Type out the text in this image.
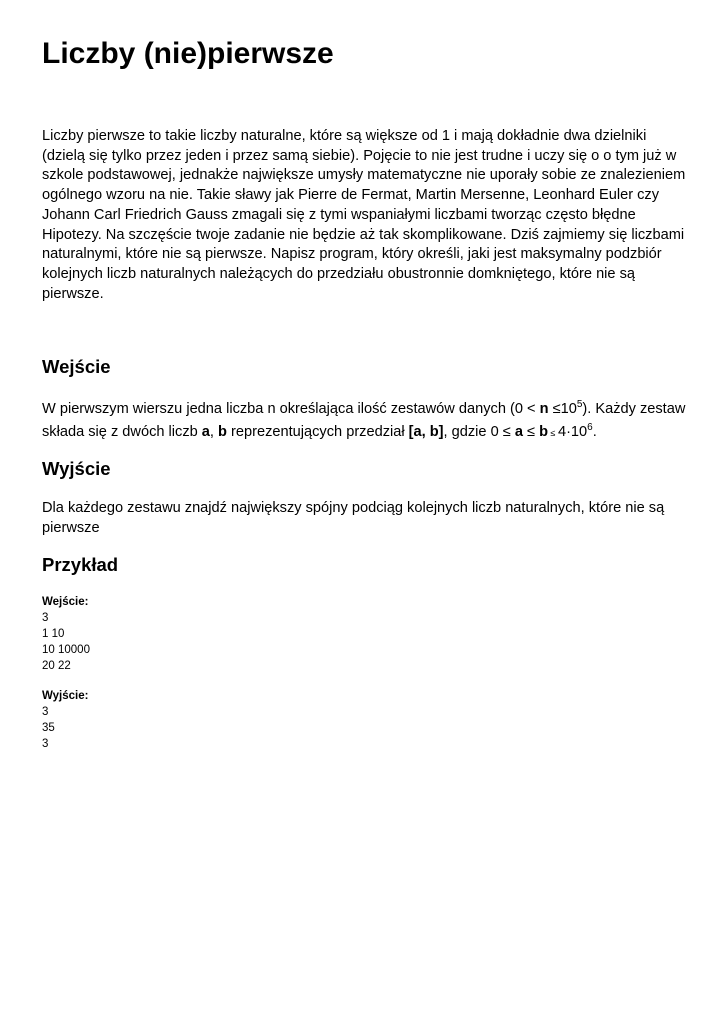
Liczby (nie)pierwsze

Liczby pierwsze to takie liczby naturalne, które są większe od 1 i mają dokładnie dwa dzielniki (dzielą się tylko przez jeden i przez samą siebie). Pojęcie to nie jest trudne i uczy się o o tym już w szkole podstawowej, jednakże największe umysły matematyczne nie uporały sobie ze znalezieniem ogólnego wzoru na nie. Takie sławy jak Pierre de Fermat, Martin Mersenne, Leonhard Euler czy Johann Carl Friedrich Gauss zmagali się z tymi wspaniałymi liczbami tworząc często błędne Hipotezy. Na szczęście twoje zadanie nie będzie aż tak skomplikowane. Dziś zajmiemy się liczbami naturalnymi, które nie są pierwsze. Napisz program, który określi, jaki jest maksymalny podzbiór kolejnych liczb naturalnych należących do przedziału obustronnie domkniętego, które nie są pierwsze.

Wejście

W pierwszym wierszu jedna liczba n określająca ilość zestawów danych $(0 < n \le 10^5)$. Każdy zestaw składa się z dwóch liczb a, b reprezentujących przedział [a, b], gdzie $0 \le a \le b \le 4\cdot 10^6$.

Wyjście

Dla każdego zestawu znajdź największy spójny podciąg kolejnych liczb naturalnych, które nie są pierwsze

Przykład
Wejście:
3
1 10
10 10000
20 22
Wyjście:
3
35
3
